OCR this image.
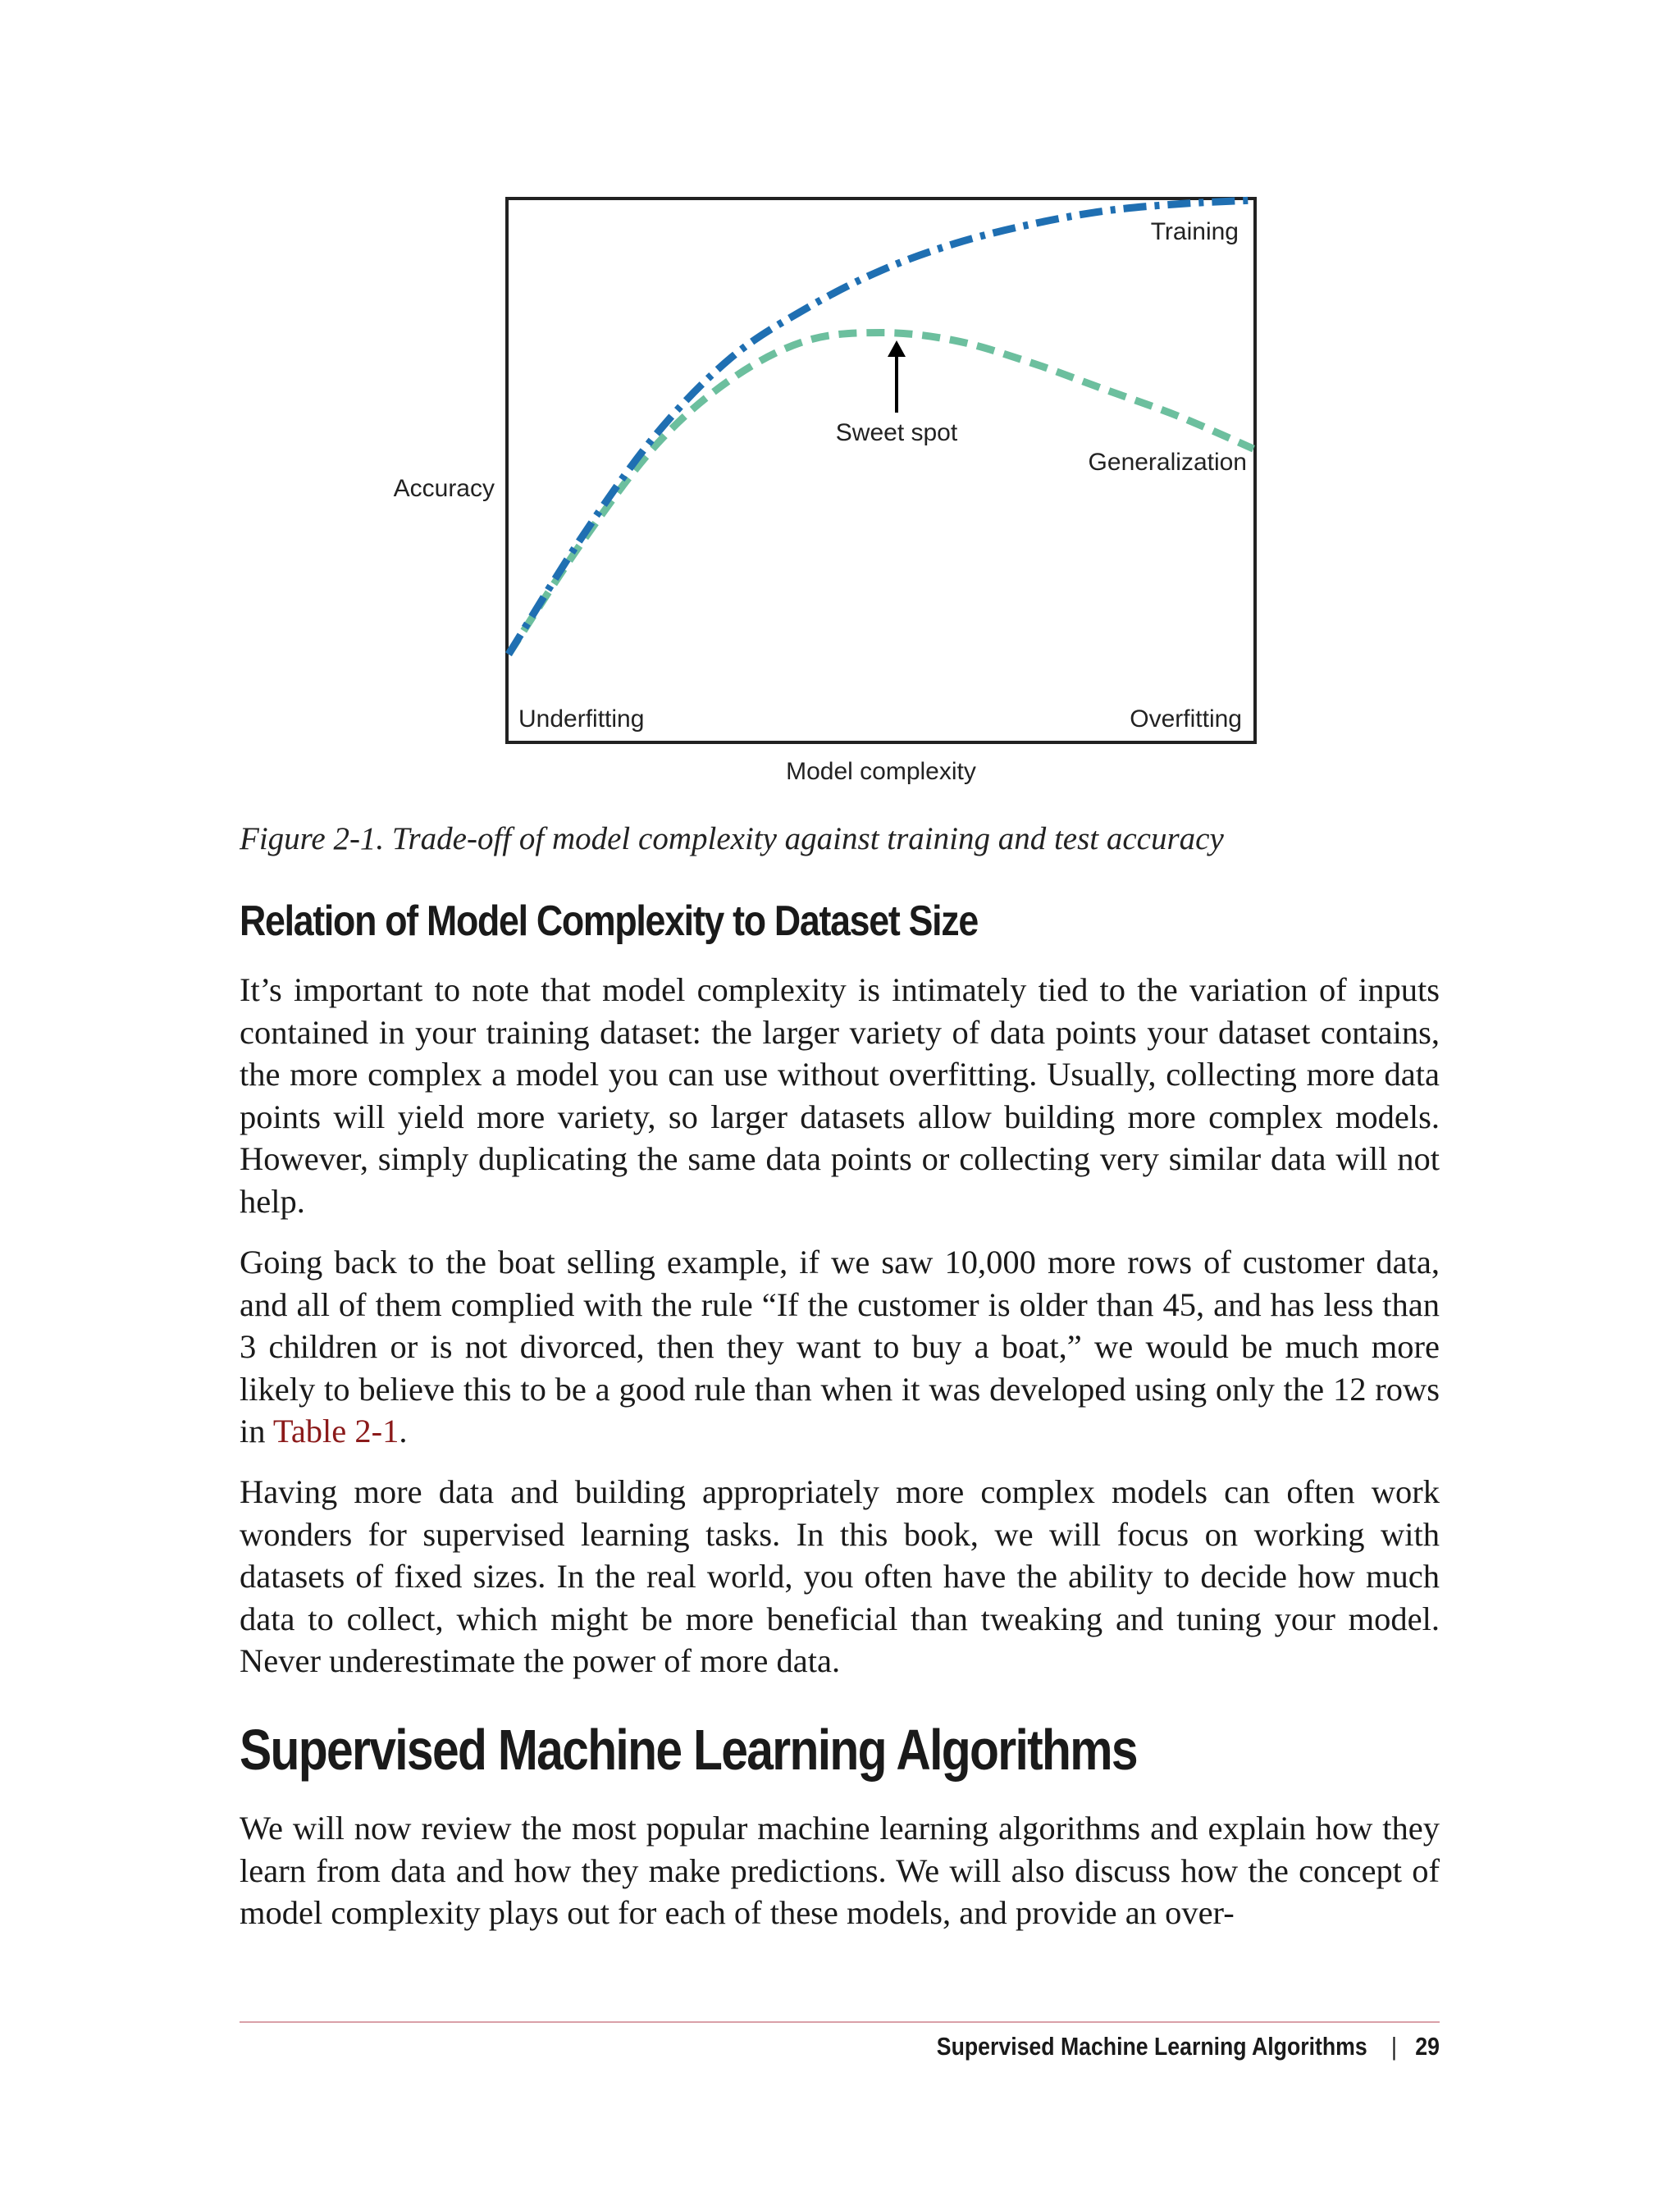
Training
Generalization
Sweet spot
Accuracy
Underfitting	Overfitting
Model complexity

Figure 2-1. Trade-off of model complexity against training and test accuracy

Relation of Model Complexity to Dataset Size

It’s important to note that model complexity is intimately tied to the variation of inputs contained in your training dataset: the larger variety of data points your dataset contains, the more complex a model you can use without overfitting. Usually, collecting more data points will yield more variety, so larger datasets allow building more complex models. However, simply duplicating the same data points or collecting very similar data will not help.

Going back to the boat selling example, if we saw 10,000 more rows of customer data, and all of them complied with the rule “If the customer is older than 45, and has less than 3 children or is not divorced, then they want to buy a boat,” we would be much more likely to believe this to be a good rule than when it was developed using only the 12 rows in Table 2-1.

Having more data and building appropriately more complex models can often work wonders for supervised learning tasks. In this book, we will focus on working with datasets of fixed sizes. In the real world, you often have the ability to decide how much data to collect, which might be more beneficial than tweaking and tuning your model. Never underestimate the power of more data.

Supervised Machine Learning Algorithms

We will now review the most popular machine learning algorithms and explain how they learn from data and how they make predictions. We will also discuss how the concept of model complexity plays out for each of these models, and provide an over-

Supervised Machine Learning Algorithms | 29
